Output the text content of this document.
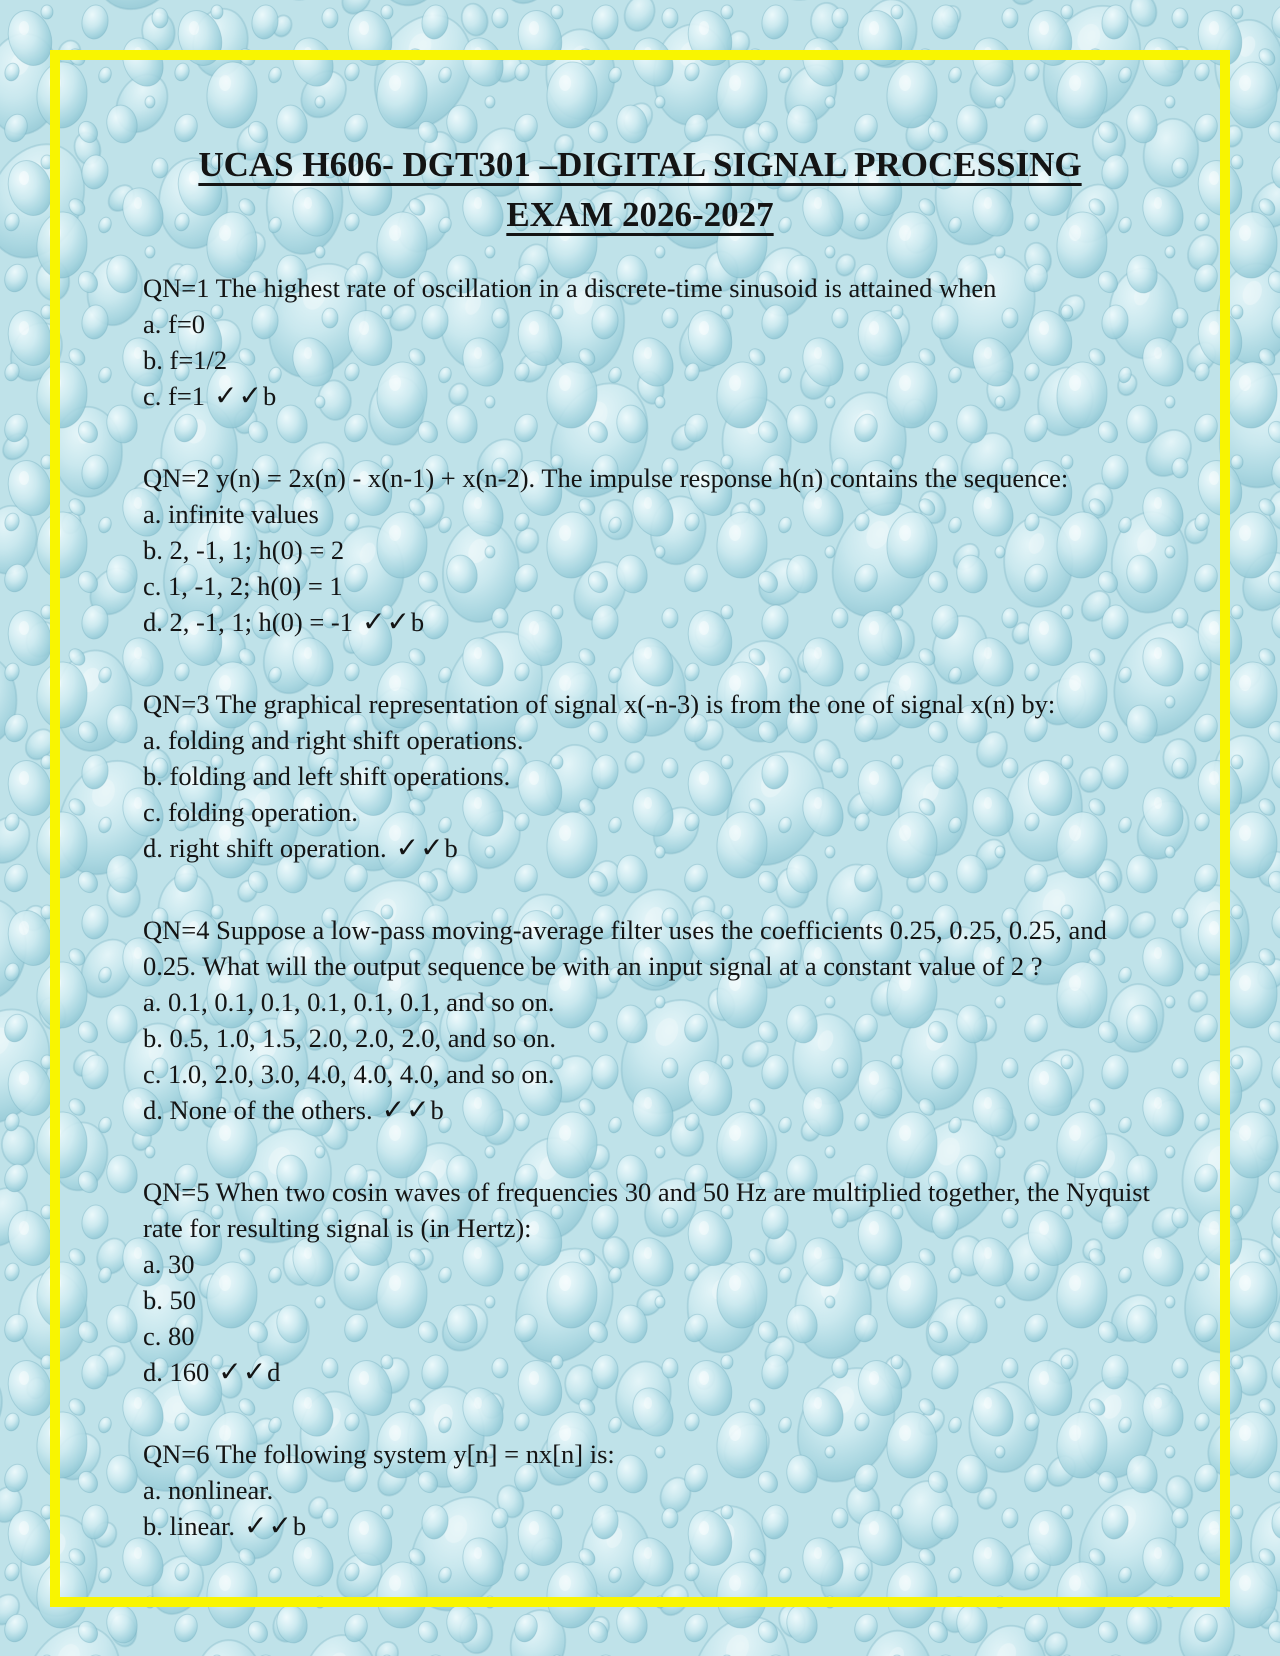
UCAS H606- DGT301 –DIGITAL SIGNAL PROCESSING
EXAM 2026-2027
QN=1 The highest rate of oscillation in a discrete-time sinusoid is attained when
a. f=0
b. f=1/2
c. f=1 ✓✓b
QN=2 y(n) = 2x(n) - x(n-1) + x(n-2). The impulse response h(n) contains the sequence:
a. infinite values
b. 2, -1, 1; h(0) = 2
c. 1, -1, 2; h(0) = 1
d. 2, -1, 1; h(0) = -1 ✓✓b
QN=3 The graphical representation of signal x(-n-3) is from the one of signal x(n) by:
a. folding and right shift operations.
b. folding and left shift operations.
c. folding operation.
d. right shift operation. ✓✓b
QN=4 Suppose a low-pass moving-average filter uses the coefficients 0.25, 0.25, 0.25, and 0.25. What will the output sequence be with an input signal at a constant value of 2 ?
a. 0.1, 0.1, 0.1, 0.1, 0.1, 0.1, and so on.
b. 0.5, 1.0, 1.5, 2.0, 2.0, 2.0, and so on.
c. 1.0, 2.0, 3.0, 4.0, 4.0, 4.0, and so on.
d. None of the others. ✓✓b
QN=5 When two cosin waves of frequencies 30 and 50 Hz are multiplied together, the Nyquist rate for resulting signal is (in Hertz):
a. 30
b. 50
c. 80
d. 160 ✓✓d
QN=6 The following system y[n] = nx[n] is:
a. nonlinear.
b. linear. ✓✓b
